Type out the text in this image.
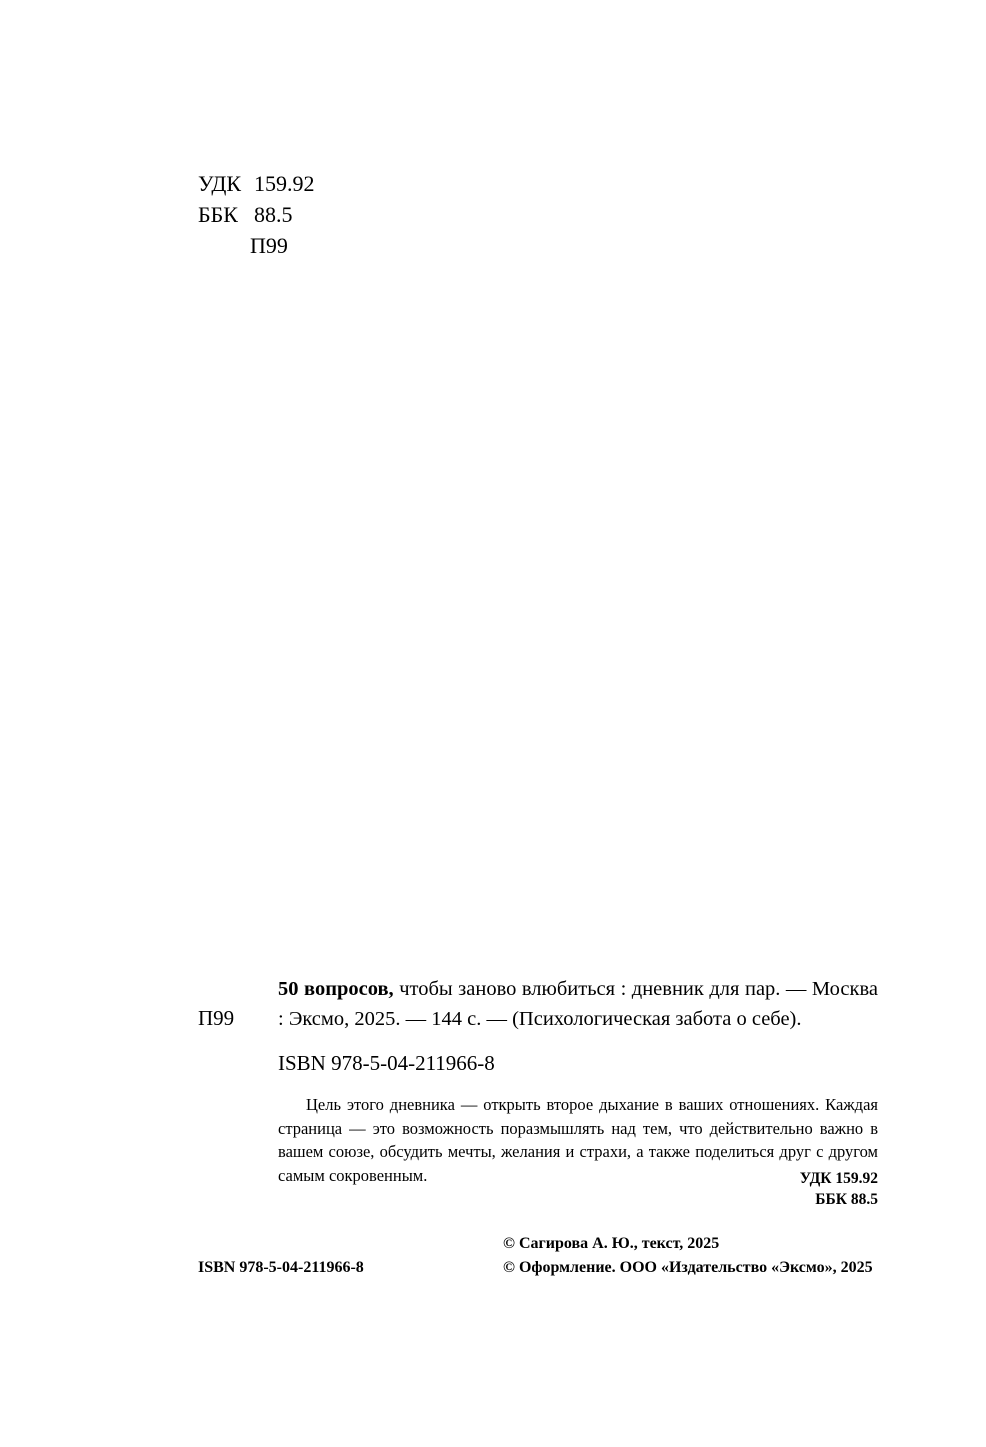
УДК 159.92
ББК 88.5
П99
П99
50 вопросов, чтобы заново влюбиться : дневник для пар. — Москва : Эксмо, 2025. — 144 с. — (Психологическая забота о себе).
ISBN 978-5-04-211966-8
Цель этого дневника — открыть второе дыхание в ваших отношениях. Каждая страница — это возможность поразмышлять над тем, что действительно важно в вашем союзе, обсудить мечты, желания и страхи, а также поделиться друг с другом самым сокровенным.	УДК 159.92
ББК 88.5
ISBN 978-5-04-211966-8
© Сагирова А. Ю., текст, 2025
© Оформление. ООО «Издательство «Эксмо», 2025
